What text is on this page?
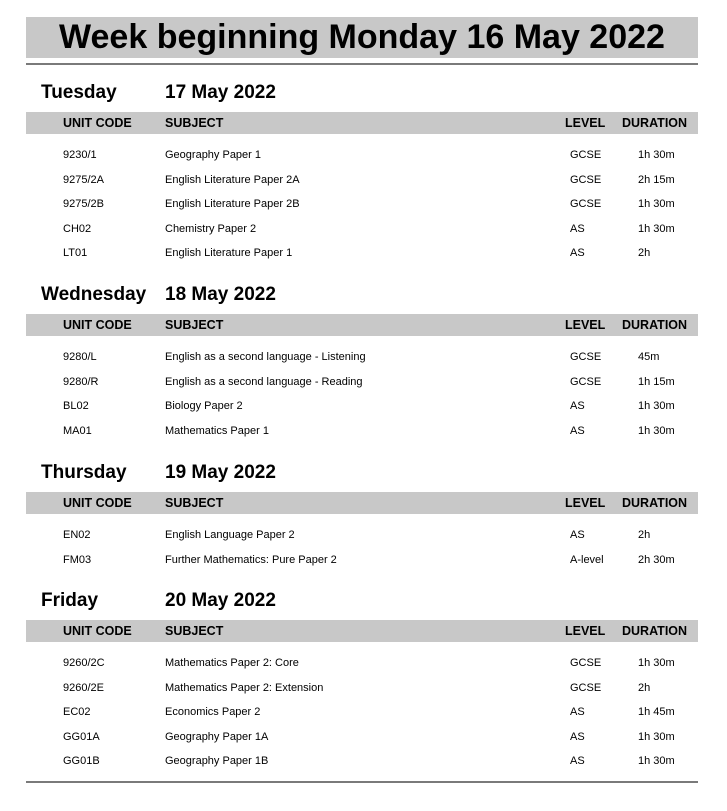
Week beginning Monday 16 May 2022
Tuesday	17 May 2022
UNIT CODE	SUBJECT	LEVEL DURATION
9230/1	Geography Paper 1	GCSE	1h 30m
9275/2A	English Literature Paper 2A	GCSE	2h 15m
9275/2B	English Literature Paper 2B	GCSE	1h 30m
CH02	Chemistry Paper 2	AS	1h 30m
LT01	English Literature Paper 1	AS	2h
Wednesday 18 May 2022
UNIT CODE	SUBJECT	LEVEL DURATION
9280/L	English as a second language - Listening	GCSE	45m
9280/R	English as a second language - Reading	GCSE	1h 15m
BL02	Biology Paper 2	AS	1h 30m
MA01	Mathematics Paper 1	AS	1h 30m
Thursday 19 May 2022
UNIT CODE	SUBJECT	LEVEL DURATION
EN02	English Language Paper 2	AS	2h
FM03	Further Mathematics: Pure Paper 2	A-level	2h 30m
Friday	20 May 2022
UNIT CODE	SUBJECT	LEVEL DURATION
9260/2C	Mathematics Paper 2: Core	GCSE	1h 30m
9260/2E	Mathematics Paper 2: Extension	GCSE	2h
EC02	Economics Paper 2	AS	1h 45m
GG01A	Geography Paper 1A	AS	1h 30m
GG01B	Geography Paper 1B	AS	1h 30m
